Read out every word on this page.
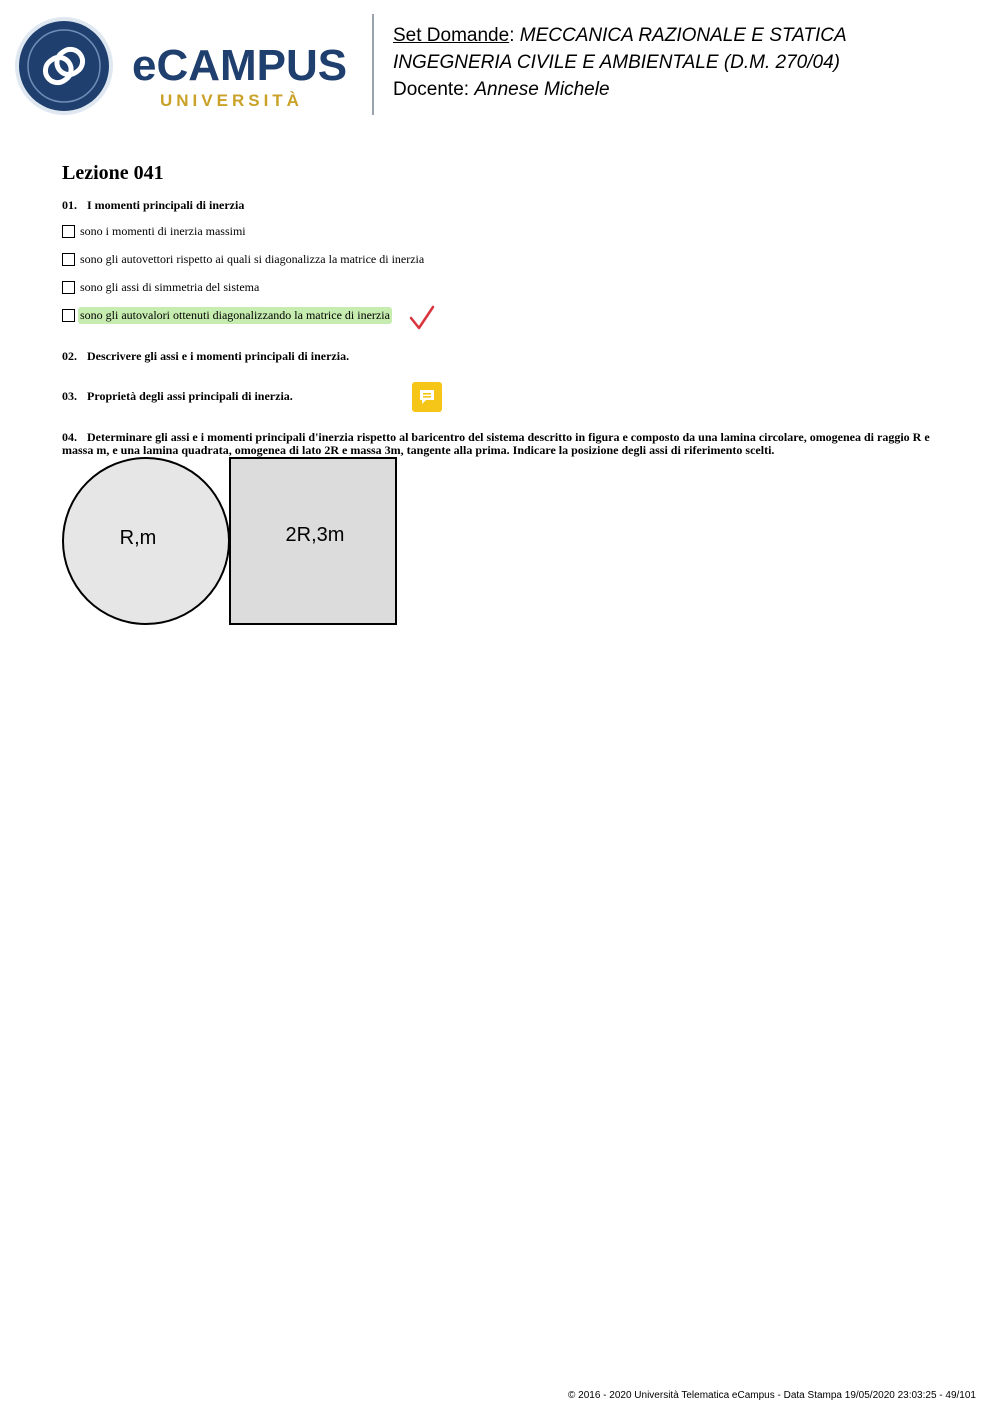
eCAMPUS
UNIVERSITÀ
Set Domande: MECCANICA RAZIONALE E STATICA
INGEGNERIA CIVILE E AMBIENTALE (D.M. 270/04)
Docente: Annese Michele
Lezione 041
01. I momenti principali di inerzia
sono i momenti di inerzia massimi
sono gli autovettori rispetto ai quali si diagonalizza la matrice di inerzia
sono gli assi di simmetria del sistema
sono gli autovalori ottenuti diagonalizzando la matrice di inerzia
02. Descrivere gli assi e i momenti principali di inerzia.
03. Proprietà degli assi principali di inerzia.
04. Determinare gli assi e i momenti principali d'inerzia rispetto al baricentro del sistema descritto in figura e composto da una lamina circolare, omogenea di raggio R e massa m, e una lamina quadrata, omogenea di lato 2R e massa 3m, tangente alla prima. Indicare la posizione degli assi di riferimento scelti.
R,m	2R,3m
© 2016 - 2020 Università Telematica eCampus - Data Stampa 19/05/2020 23:03:25 - 49/101
